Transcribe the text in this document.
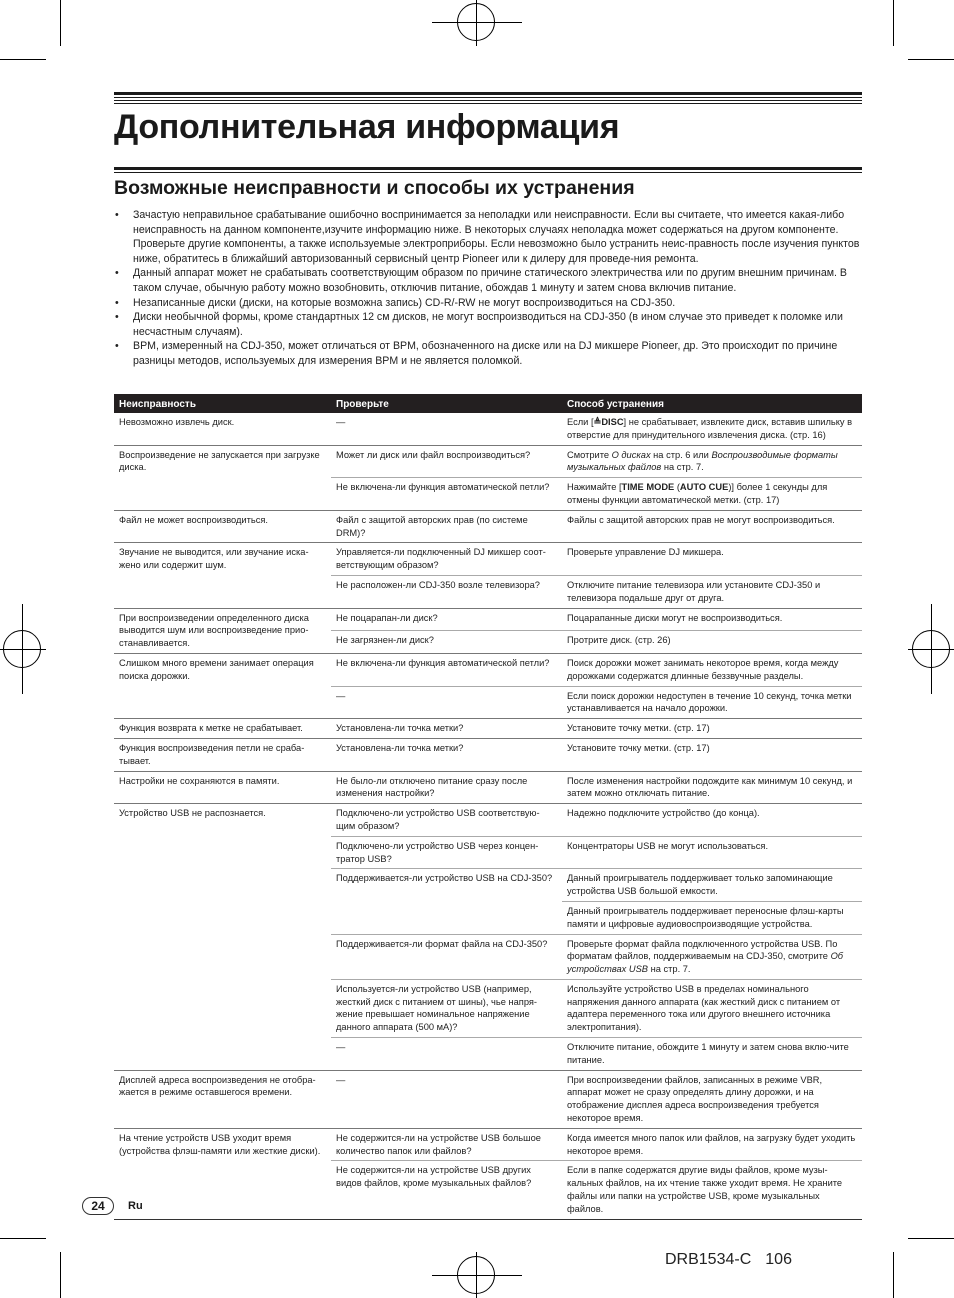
Дополнительная информация
Возможные неисправности и способы их устранения
• Зачастую неправильное срабатывание ошибочно воспринимается за неполадки или неисправности. Если вы считаете, что имеется какая-либо неисправность на данном компоненте,изучите информацию ниже. В некоторых случаях неполадка может содержаться на другом компоненте. Проверьте другие компоненты, а также используемые электроприборы. Если невозможно было устранить неис-правность после изучения пунктов ниже, обратитесь в ближайший авторизованный сервисный центр Pioneer или к дилеру для проведе-ния ремонта.
• Данный аппарат может не срабатывать соответствующим образом по причине статического электричества или по другим внешним причинам. В таком случае, обычную работу можно возобновить, отключив питание, обождав 1 минуту и затем снова включив питание.
• Незаписанные диски (диски, на которые возможна запись) CD-R/-RW не могут воспроизводиться на CDJ-350.
• Диски необычной формы, кроме стандартных 12 см дисков, не могут воспроизводиться на CDJ-350 (в ином случае это приведет к поломке или несчастным случаям).
• BPM, измеренный на CDJ-350, может отличаться от BPM, обозначенного на диске или на DJ микшере Pioneer, др. Это происходит по причине разницы методов, используемых для измерения BPM и не является поломкой.
Неисправность	Проверьте	Способ устранения
Невозможно извлечь диск.	—	Если [≜DISC] не срабатывает, извлеките диск, вставив шпильку в отверстие для принудительного извлечения диска. (стр. 16)
Воспроизведение не запускается при загрузке диска.	Может ли диск или файл воспроизводиться?	Смотрите О дисках на стр. 6 или Воспроизводимые форматы музыкальных файлов на стр. 7.
	Не включена-ли функция автоматической петли?	Нажимайте [TIME MODE (AUTO CUE)] более 1 секунды для отмены функции автоматической метки. (стр. 17)
Файл не может воспроизводиться.	Файл с защитой авторских прав (по системе DRM)?	Файлы с защитой авторских прав не могут воспроизводиться.
Звучание не выводится, или звучание иска-жено или содержит шум.	Управляется-ли подключенный DJ микшер соот-ветствующим образом?	Проверьте управление DJ микшера.
	Не расположен-ли CDJ-350 возле телевизора?	Отключите питание телевизора или установите CDJ-350 и телевизора подальше друг от друга.
При воспроизведении определенного диска выводится шум или воспроизведение прио-станавливается.	Не поцарапан-ли диск?	Поцарапанные диски могут не воспроизводиться.
	Не загрязнен-ли диск?	Протрите диск. (стр. 26)
Слишком много времени занимает операция поиска дорожки.	Не включена-ли функция автоматической петли?	Поиск дорожки может занимать некоторое время, когда между дорожками содержатся длинные беззвучные разделы.
	—	Если поиск дорожки недоступен в течение 10 секунд, точка метки устанавливается на начало дорожки.
Функция возврата к метке не срабатывает.	Установлена-ли точка метки?	Установите точку метки. (стр. 17)
Функция воспроизведения петли не сраба-тывает.	Установлена-ли точка метки?	Установите точку метки. (стр. 17)
Настройки не сохраняются в памяти.	Не было-ли отключено питание сразу после изменения настройки?	После изменения настройки подождите как минимум 10 секунд, и затем можно отключать питание.
Устройство USB не распознается.	Подключено-ли устройство USB соответствую-щим образом?	Надежно подключите устройство (до конца).
	Подключено-ли устройство USB через концен-тратор USB?	Концентраторы USB не могут использоваться.
	Поддерживается-ли устройство USB на CDJ-350?	Данный проигрыватель поддерживает только запоминающие устройства USB большой емкости.
		Данный проигрыватель поддерживает переносные флэш-карты памяти и цифровые аудиовоспроизводящие устройства.
	Поддерживается-ли формат файла на CDJ-350?	Проверьте формат файла подключенного устройства USB. По форматам файлов, поддерживаемым на CDJ-350, смотрите Об устройствах USB на стр. 7.
	Используется-ли устройство USB (например, жесткий диск с питанием от шины), чье напря-жение превышает номинальное напряжение данного аппарата (500 мА)?	Используйте устройство USB в пределах номинального напряжения данного аппарата (как жесткий диск с питанием от адаптера переменного тока или другого внешнего источника электропитания).
	—	Отключите питание, обождите 1 минуту и затем снова вклю-чите питание.
Дисплей адреса воспроизведения не отобра-жается в режиме оставшегося времени.	—	При воспроизведении файлов, записанных в режиме VBR, аппарат может не сразу определять длину дорожки, и на отображение дисплея адреса воспроизведения требуется некоторое время.
На чтение устройств USB уходит время (устройства флэш-памяти или жесткие диски).	Не содержится-ли на устройстве USB большое количество папок или файлов?	Когда имеется много папок или файлов, на загрузку будет уходить некоторое время.
	Не содержится-ли на устройстве USB других видов файлов, кроме музыкальных файлов?	Если в папке содержатся другие виды файлов, кроме музы-кальных файлов, на их чтение также уходит время. Не храните файлы или папки на устройстве USB, кроме музыкальных файлов.
24	Ru
DRB1534-C 106
